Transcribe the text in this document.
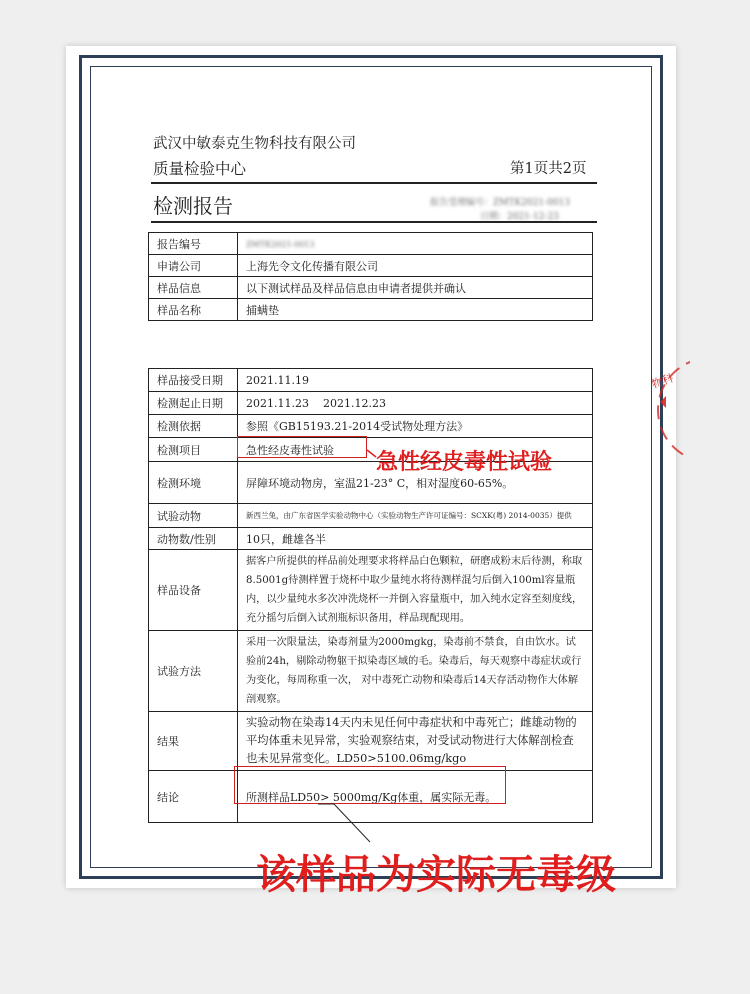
武汉中敏泰克生物科技有限公司
质量检验中心	第1页共2页
检测报告	报告受理编号：ZMTK2021-0013
日期：2021-12-23
报告编号	ZMTK2021-0013
申请公司	上海先令文化传播有限公司
样品信息	以下测试样品及样品信息由申请者提供并确认
样品名称	捕螨垫
样品接受日期	2021.11.19
检测起止日期	2021.11.23    2021.12.23
检测依据	参照《GB15193.21-2014受试物处理方法》
检测项目	急性经皮毒性试验
检测环境	屏障环境动物房，室温21-23° C，相对湿度60-65%。
试验动物	新西兰兔，由广东省医学实验动物中心（实验动物生产许可证编号：SCXK(粤) 2014-0035）提供
动物数/性别	10只，雌雄各半
样品设备	据客户所提供的样品前处理要求将样品白色颗粒，研磨成粉末后待测，称取8.5001g待测样置于烧杯中取少量纯水将待测样混匀后倒入100ml容量瓶内，以少量纯水多次冲洗烧杯一并倒入容量瓶中，加入纯水定容至刻度线，充分摇匀后倒入试剂瓶标识备用，样品现配现用。
试验方法	采用一次限量法，染毒剂量为2000mgkg，染毒前不禁食，自由饮水。试验前24h，剔除动物躯干拟染毒区域的毛。染毒后，每天观察中毒症状或行为变化，每周称重一次， 对中毒死亡动物和染毒后14天存活动物作大体解剖观察。
结果	实验动物在染毒14天内未见任何中毒症状和中毒死亡；雌雄动物的平均体重未见异常，实验观察结束，对受试动物进行大体解剖检查也未见异常变化。LD50>5100.06mg/kgo
结论	所测样品LD50> 5000mg/Kg体重，属实际无毒。
急性经皮毒性试验
该样品为实际无毒级
物科
